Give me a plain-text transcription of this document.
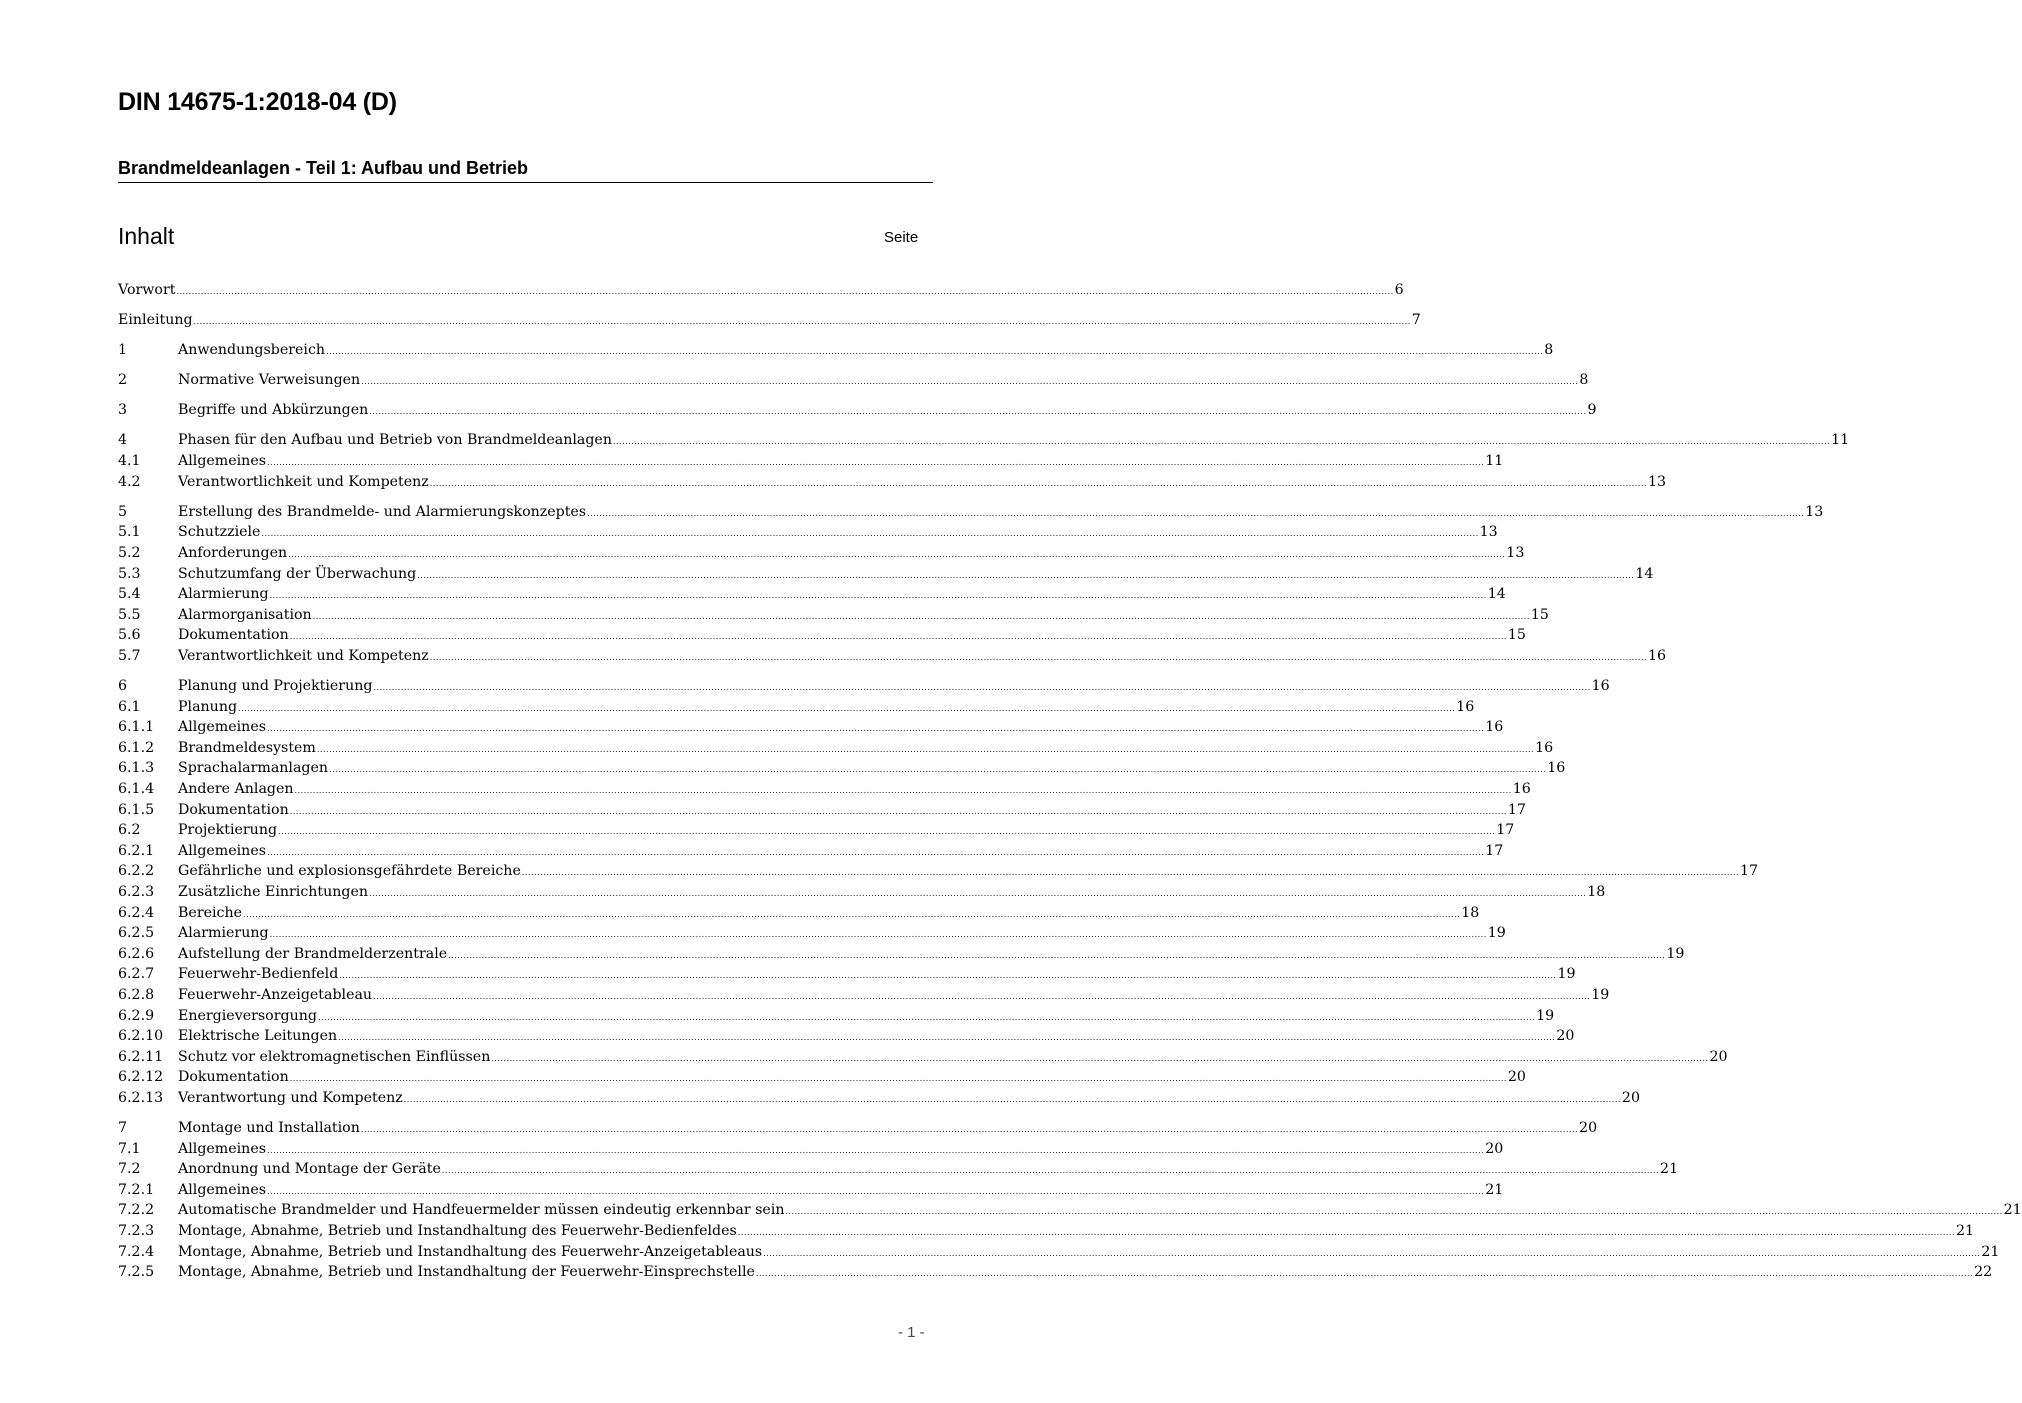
DIN 14675-1:2018-04 (D)
Brandmeldeanlagen - Teil 1: Aufbau und Betrieb
Inhalt	Seite
Vorwort ................................................................................................................................................................................................................................................................................................................................................................................................................ 6
Einleitung ................................................................................................................................................................................................................................................................................................................................................................................................................ 7
1	Anwendungsbereich ................................................................................................................................................................................................................................................................................................................................................................................................................ 8
2	Normative Verweisungen ................................................................................................................................................................................................................................................................................................................................................................................................................ 8
3	Begriffe und Abkürzungen ................................................................................................................................................................................................................................................................................................................................................................................................................ 9
4	Phasen für den Aufbau und Betrieb von Brandmeldeanlagen ................................................................................................................................................................................................................................................................................................................................................................................................................ 11
4.1	Allgemeines ................................................................................................................................................................................................................................................................................................................................................................................................................ 11
4.2	Verantwortlichkeit und Kompetenz ................................................................................................................................................................................................................................................................................................................................................................................................................ 13
5	Erstellung des Brandmelde- und Alarmierungskonzeptes ................................................................................................................................................................................................................................................................................................................................................................................................................ 13
5.1	Schutzziele ................................................................................................................................................................................................................................................................................................................................................................................................................ 13
5.2	Anforderungen ................................................................................................................................................................................................................................................................................................................................................................................................................ 13
5.3	Schutzumfang der Überwachung ................................................................................................................................................................................................................................................................................................................................................................................................................ 14
5.4	Alarmierung ................................................................................................................................................................................................................................................................................................................................................................................................................ 14
5.5	Alarmorganisation ................................................................................................................................................................................................................................................................................................................................................................................................................ 15
5.6	Dokumentation ................................................................................................................................................................................................................................................................................................................................................................................................................ 15
5.7	Verantwortlichkeit und Kompetenz ................................................................................................................................................................................................................................................................................................................................................................................................................ 16
6	Planung und Projektierung ................................................................................................................................................................................................................................................................................................................................................................................................................ 16
6.1	Planung ................................................................................................................................................................................................................................................................................................................................................................................................................ 16
6.1.1	Allgemeines ................................................................................................................................................................................................................................................................................................................................................................................................................ 16
6.1.2	Brandmeldesystem ................................................................................................................................................................................................................................................................................................................................................................................................................ 16
6.1.3	Sprachalarmanlagen ................................................................................................................................................................................................................................................................................................................................................................................................................ 16
6.1.4	Andere Anlagen ................................................................................................................................................................................................................................................................................................................................................................................................................ 16
6.1.5	Dokumentation ................................................................................................................................................................................................................................................................................................................................................................................................................ 17
6.2	Projektierung ................................................................................................................................................................................................................................................................................................................................................................................................................ 17
6.2.1	Allgemeines ................................................................................................................................................................................................................................................................................................................................................................................................................ 17
6.2.2	Gefährliche und explosionsgefährdete Bereiche ................................................................................................................................................................................................................................................................................................................................................................................................................ 17
6.2.3	Zusätzliche Einrichtungen ................................................................................................................................................................................................................................................................................................................................................................................................................ 18
6.2.4	Bereiche ................................................................................................................................................................................................................................................................................................................................................................................................................ 18
6.2.5	Alarmierung ................................................................................................................................................................................................................................................................................................................................................................................................................ 19
6.2.6	Aufstellung der Brandmelderzentrale ................................................................................................................................................................................................................................................................................................................................................................................................................ 19
6.2.7	Feuerwehr-Bedienfeld ................................................................................................................................................................................................................................................................................................................................................................................................................ 19
6.2.8	Feuerwehr-Anzeigetableau ................................................................................................................................................................................................................................................................................................................................................................................................................ 19
6.2.9	Energieversorgung ................................................................................................................................................................................................................................................................................................................................................................................................................ 19
6.2.10	Elektrische Leitungen ................................................................................................................................................................................................................................................................................................................................................................................................................ 20
6.2.11	Schutz vor elektromagnetischen Einflüssen ................................................................................................................................................................................................................................................................................................................................................................................................................ 20
6.2.12	Dokumentation ................................................................................................................................................................................................................................................................................................................................................................................................................ 20
6.2.13	Verantwortung und Kompetenz ................................................................................................................................................................................................................................................................................................................................................................................................................ 20
7	Montage und Installation ................................................................................................................................................................................................................................................................................................................................................................................................................ 20
7.1	Allgemeines ................................................................................................................................................................................................................................................................................................................................................................................................................ 20
7.2	Anordnung und Montage der Geräte ................................................................................................................................................................................................................................................................................................................................................................................................................ 21
7.2.1	Allgemeines ................................................................................................................................................................................................................................................................................................................................................................................................................ 21
7.2.2	Automatische Brandmelder und Handfeuermelder müssen eindeutig erkennbar sein ................................................................................................................................................................................................................................................................................................................................................................................................................ 21
7.2.3	Montage, Abnahme, Betrieb und Instandhaltung des Feuerwehr-Bedienfeldes ................................................................................................................................................................................................................................................................................................................................................................................................................ 21
7.2.4	Montage, Abnahme, Betrieb und Instandhaltung des Feuerwehr-Anzeigetableaus ................................................................................................................................................................................................................................................................................................................................................................................................................ 21
7.2.5	Montage, Abnahme, Betrieb und Instandhaltung der Feuerwehr-Einsprechstelle ................................................................................................................................................................................................................................................................................................................................................................................................................ 22
- 1 -
